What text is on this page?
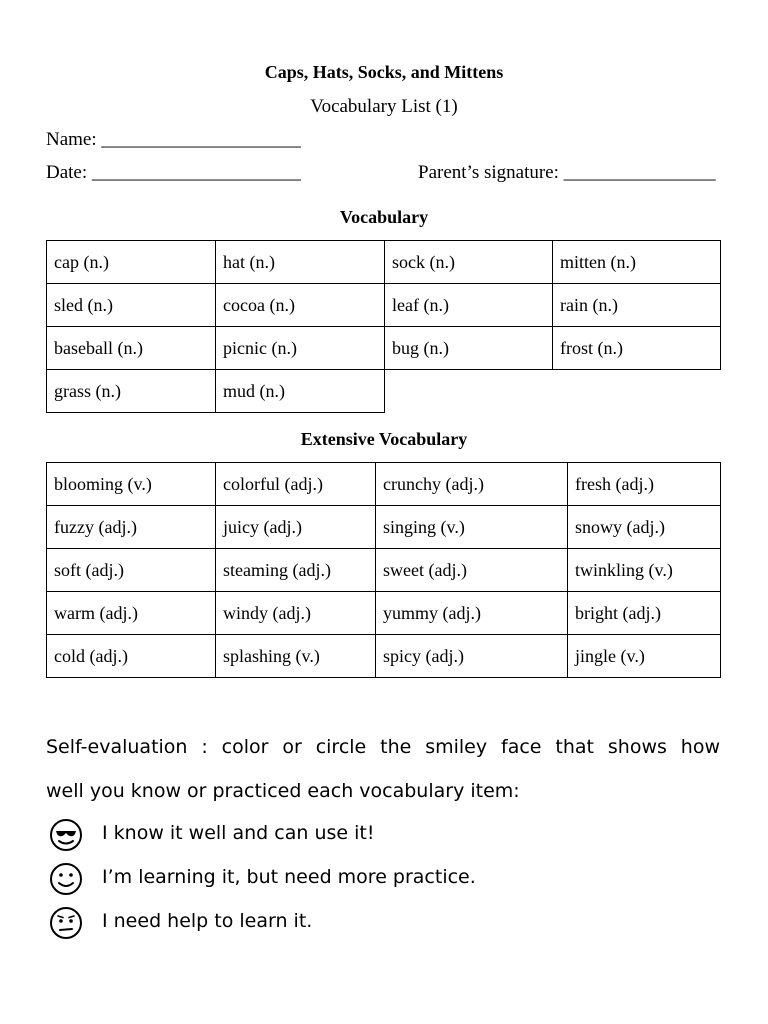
Caps, Hats, Socks, and Mittens
Vocabulary List (1)
Name: _____________________
Date: ______________________	Parent’s signature: ________________
Vocabulary
cap (n.)	hat (n.)	sock (n.)	mitten (n.)
sled (n.)	cocoa (n.)	leaf (n.)	rain (n.)
baseball (n.)	picnic (n.)	bug (n.)	frost (n.)
grass (n.)	mud (n.)		
Extensive Vocabulary
blooming (v.)	colorful (adj.)	crunchy (adj.)	fresh (adj.)
fuzzy (adj.)	juicy (adj.)	singing (v.)	snowy (adj.)
soft (adj.)	steaming (adj.)	sweet (adj.)	twinkling (v.)
warm (adj.)	windy (adj.)	yummy (adj.)	bright (adj.)
cold (adj.)	splashing (v.)	spicy (adj.)	jingle (v.)
Self-evaluation : color or circle the smiley face that shows how
well you know or practiced each vocabulary item:
I know it well and can use it!
I’m learning it, but need more practice.
I need help to learn it.
